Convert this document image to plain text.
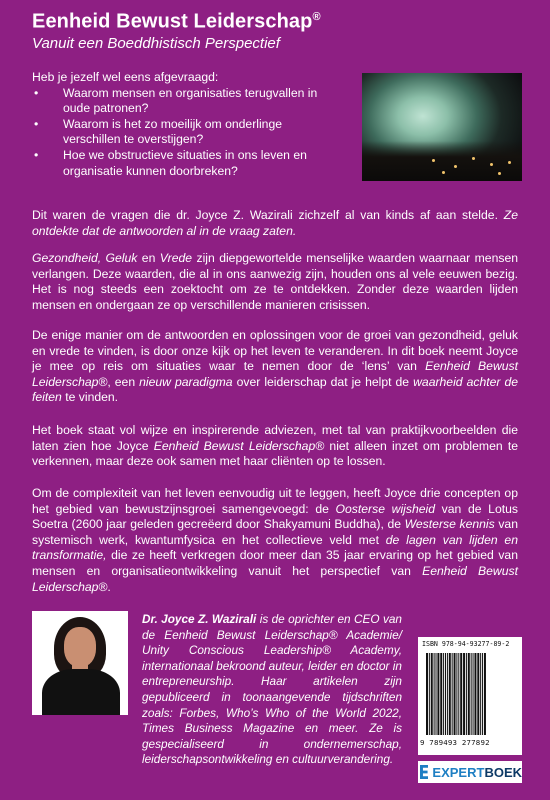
Eenheid Bewust Leiderschap®
Vanuit een Boeddhistisch Perspectief
Heb je jezelf wel eens afgevraagd:
• Waarom mensen en organisaties terugvallen in
oude patronen?
• Waarom is het zo moeilijk om onderlinge
verschillen te overstijgen?
• Hoe we obstructieve situaties in ons leven en
organisatie kunnen doorbreken?

Dit waren de vragen die dr. Joyce Z. Wazirali zichzelf al van kinds af aan stelde. Ze ontdekte dat de antwoorden al in de vraag zaten.

Gezondheid, Geluk en Vrede zijn diepgewortelde menselijke waarden waarnaar mensen verlangen. Deze waarden, die al in ons aanwezig zijn, houden ons al vele eeuwen bezig. Het is nog steeds een zoektocht om ze te ontdekken. Zonder deze waarden lijden mensen en ondergaan ze op verschillende manieren crisissen.

De enige manier om de antwoorden en oplossingen voor de groei van gezondheid, geluk en vrede te vinden, is door onze kijk op het leven te veranderen. In dit boek neemt Joyce je mee op reis om situaties waar te nemen door de ‘lens’ van Eenheid Bewust Leiderschap®, een nieuw paradigma over leiderschap dat je helpt de waarheid achter de feiten te vinden.

Het boek staat vol wijze en inspirerende adviezen, met tal van praktijkvoorbeelden die laten zien hoe Joyce Eenheid Bewust Leiderschap® niet alleen inzet om problemen te verkennen, maar deze ook samen met haar cliënten op te lossen.

Om de complexiteit van het leven eenvoudig uit te leggen, heeft Joyce drie concepten op het gebied van bewustzijnsgroei samengevoegd: de Oosterse wijsheid van de Lotus Soetra (2600 jaar geleden gecreëerd door Shakyamuni Buddha), de Westerse kennis van systemisch werk, kwantumfysica en het collectieve veld met de lagen van lijden en transformatie, die ze heeft verkregen door meer dan 35 jaar ervaring op het gebied van mensen en organisatieontwikkeling vanuit het perspectief van Eenheid Bewust Leiderschap®.

Dr. Joyce Z. Wazirali is de oprichter en CEO van de Eenheid Bewust Leiderschap® Academie/ Unity Conscious Leadership® Academy, internationaal bekroond auteur, leider en doctor in entrepreneurship. Haar artikelen zijn gepubliceerd in toonaangevende tijdschriften zoals: Forbes, Who’s Who of the World 2022, Times Business Magazine en meer. Ze is gespecialiseerd in ondernemerschap, leiderschapsontwikkeling en cultuurverandering.
ISBN 978-94-93277-89-2
9 789493 277892
EXPERT BOEK
